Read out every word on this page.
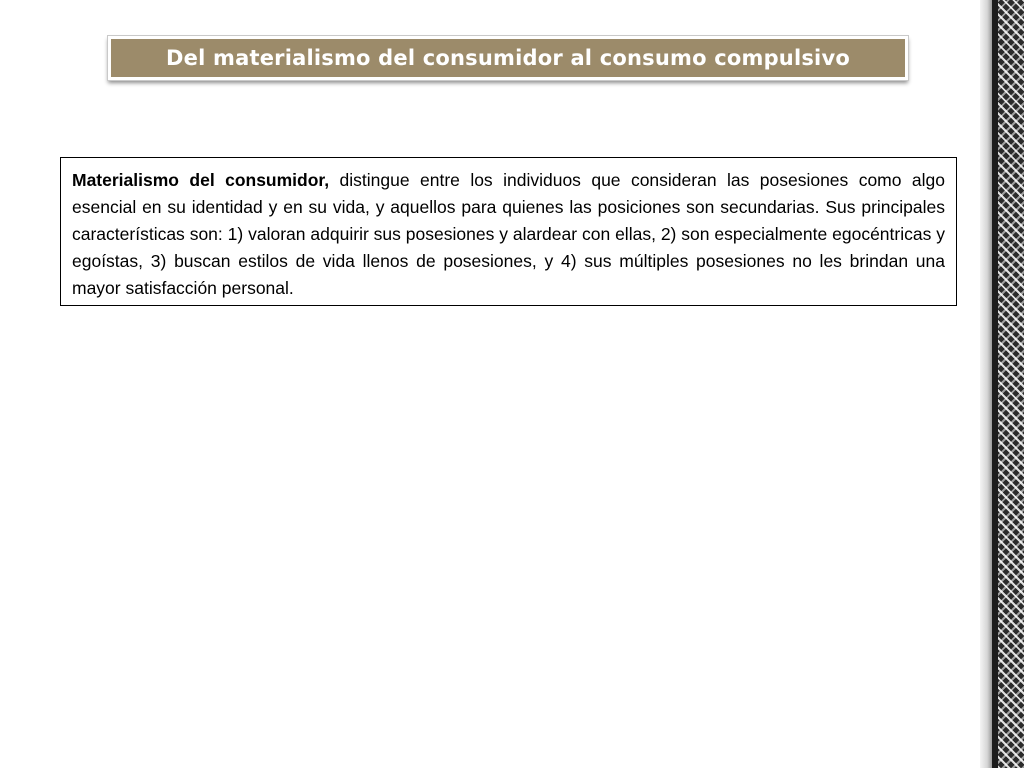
Del materialismo del consumidor al consumo compulsivo

Materialismo del consumidor, distingue entre los individuos que consideran las posesiones como algo esencial en su identidad y en su vida, y aquellos para quienes las posiciones son secundarias. Sus principales características son: 1) valoran adquirir sus posesiones y alardear con ellas, 2) son especialmente egocéntricas y egoístas, 3) buscan estilos de vida llenos de posesiones, y 4) sus múltiples posesiones no les brindan una mayor satisfacción personal.
